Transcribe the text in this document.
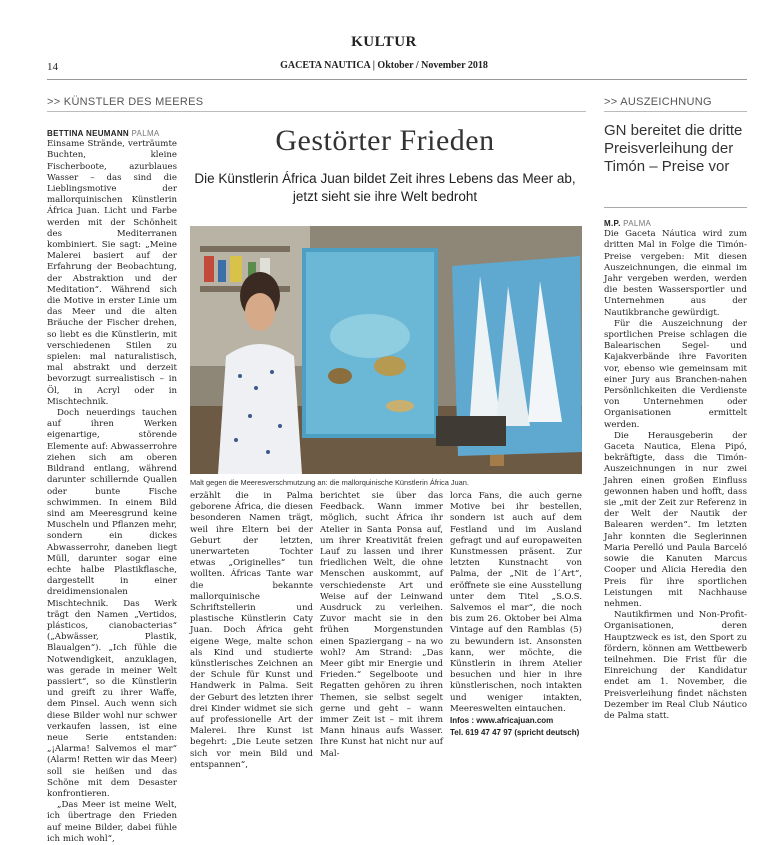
KULTUR
14	GACETA NAUTICA | Oktober / November 2018
>> KÜNSTLER DES MEERES	>> AUSZEICHNUNG
Gestörter Frieden
Die Künstlerin África Juan bildet Zeit ihres Lebens das Meer ab,
jetzt sieht sie ihre Welt bedroht
BETTINA NEUMANN PALMA

Einsame Strände, verträumte Buchten, kleine Fischerboote, azurblaues Wasser – das sind die Lieblingsmotive der mallorquinischen Künstlerin África Juan. Licht und Farbe werden mit der Schönheit des Mediterranen kombiniert. Sie sagt: „Meine Malerei basiert auf der Erfahrung der Beobachtung, der Abstraktion und der Meditation“. Während sich die Motive in erster Linie um das Meer und die alten Bräuche der Fischer drehen, so liebt es die Künstlerin, mit verschiedenen Stilen zu spielen: mal naturalistisch, mal abstrakt und derzeit bevorzugt surrealistisch – in Öl, in Acryl oder in Mischtechnik.

Doch neuerdings tauchen auf ihren Werken eigenartige, störende Elemente auf: Abwasserrohre ziehen sich am oberen Bildrand entlang, während darunter schillernde Quallen oder bunte Fische schwimmen. In einem Bild sind am Meeresgrund keine Muscheln und Pflanzen mehr, sondern ein dickes Abwasserrohr, daneben liegt Müll, darunter sogar eine echte halbe Plastikflasche, dargestellt in einer dreidimensionalen Mischtechnik. Das Werk trägt den Namen „Vertidos, plásticos, cianobacterias“ („Abwässer, Plastik, Blaualgen“). „Ich fühle die Notwendigkeit, anzuklagen, was gerade in meiner Welt passiert“, so die Künstlerin und greift zu ihrer Waffe, dem Pinsel. Auch wenn sich diese Bilder wohl nur schwer verkaufen lassen, ist eine neue Serie entstanden: „¡Alarma! Salvemos el mar“ (Alarm! Retten wir das Meer) soll sie heißen und das Schöne mit dem Desaster konfrontieren.

„Das Meer ist meine Welt, ich übertrage den Frieden auf meine Bilder, dabei fühle ich mich wohl“,

Malt gegen die Meeresverschmutzung an: die mallorquinische Künstlerin África Juan.

erzählt die in Palma geborene África, die diesen besonderen Namen trägt, weil ihre Eltern bei der Geburt der letzten, unerwarteten Tochter etwas „Originelles“ tun wollten. Áfricas Tante war die bekannte mallorquinische Schriftstellerin und plastische Künstlerin Caty Juan. Doch África geht eigene Wege, malte schon als Kind und studierte künstlerisches Zeichnen an der Schule für Kunst und Handwerk in Palma. Seit der Geburt des letzten ihrer drei Kinder widmet sie sich auf professionelle Art der Malerei. Ihre Kunst ist begehrt: „Die Leute setzen sich vor mein Bild und entspannen“,

berichtet sie über das Feedback. Wann immer möglich, sucht África ihr Atelier in Santa Ponsa auf, um ihrer Kreativität freien Lauf zu lassen und ihrer friedlichen Welt, die ohne Menschen auskommt, auf verschiedenste Art und Weise auf der Leinwand Ausdruck zu verleihen. Zuvor macht sie in den frühen Morgenstunden einen Spaziergang – na wo wohl? Am Strand: „Das Meer gibt mir Energie und Frieden.“ Segelboote und Regatten gehören zu ihren Themen, sie selbst segelt gerne und geht – wann immer Zeit ist – mit ihrem Mann hinaus aufs Wasser. Ihre Kunst hat nicht nur auf Mal-

lorca Fans, die auch gerne Motive bei ihr bestellen, sondern ist auch auf dem Festland und im Ausland gefragt und auf europaweiten Kunstmessen präsent. Zur letzten Kunstnacht von Palma, der „Nit de l´Art“, eröffnete sie eine Ausstellung unter dem Titel „S.O.S. Salvemos el mar“, die noch bis zum 26. Oktober bei Alma Vintage auf den Ramblas (5) zu bewundern ist. Ansonsten kann, wer möchte, die Künstlerin in ihrem Atelier besuchen und hier in ihre künstlerischen, noch intakten und weniger intakten, Meereswelten eintauchen.

Infos : www.africajuan.com
Tel. 619 47 47 97 (spricht deutsch)

GN bereitet die dritte Preisverleihung der Timón – Preise vor
M.P. PALMA

Die Gaceta Náutica wird zum dritten Mal in Folge die Timón-Preise vergeben: Mit diesen Auszeichnungen, die einmal im Jahr vergeben werden, werden die besten Wassersportler und Unternehmen aus der Nautikbranche gewürdigt.

Für die Auszeichnung der sportlichen Preise schlagen die Balearischen Segel- und Kajakverbände ihre Favoriten vor, ebenso wie gemeinsam mit einer Jury aus Branchen-nahen Persönlichkeiten die Verdienste von Unternehmen oder Organisationen ermittelt werden.

Die Herausgeberin der Gaceta Nautica, Elena Pipó, bekräftigte, dass die Timón-Auszeichnungen in nur zwei Jahren einen großen Einfluss gewonnen haben und hofft, dass sie „mit der Zeit zur Referenz in der Welt der Nautik der Balearen werden“. Im letzten Jahr konnten die Seglerinnen Maria Perelló und Paula Barceló sowie die Kanuten Marcus Cooper und Alicia Heredia den Preis für ihre sportlichen Leistungen mit Nachhause nehmen.

Nautikfirmen und Non-Profit-Organisationen, deren Hauptzweck es ist, den Sport zu fördern, können am Wettbewerb teilnehmen. Die Frist für die Einreichung der Kandidatur endet am 1. November, die Preisverleihung findet nächsten Dezember im Real Club Náutico de Palma statt.
